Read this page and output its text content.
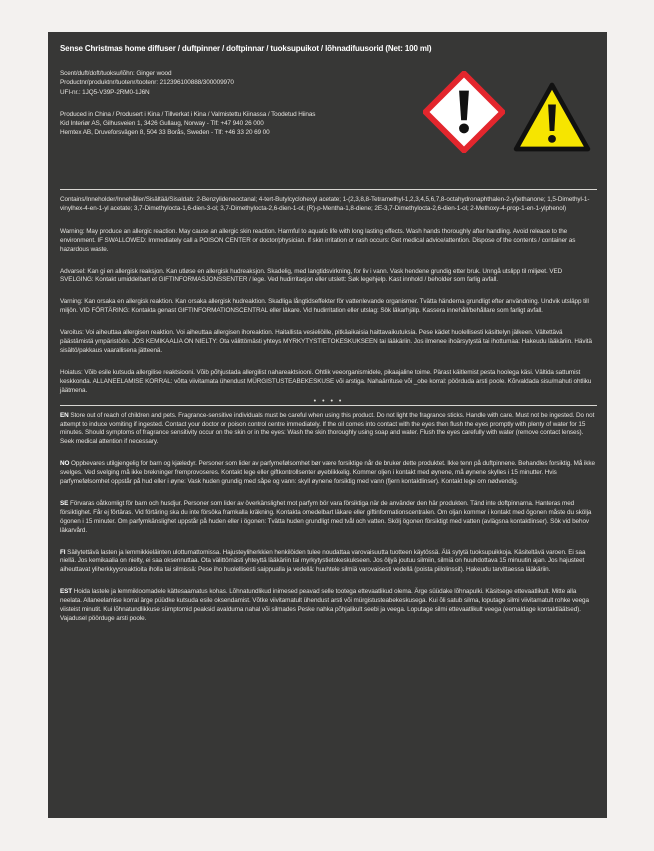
Sense Christmas home diffuser / duftpinner / doftpinnar / tuoksupuikot / lõhnadifuusorid (Net: 100 ml)
Scent/duft/doft/tuoksu/lõhn: Ginger wood
Productnr/produktnr/tuotenr/tootenr: 212396100888/300009970
UFI-nr.: 1JQ5-V39P-2RM0-1J6N
Produced in China / Produsert i Kina / Tillverkat i Kina / Valmistettu Kiinassa / Toodetud Hiinas
Kid Interiør AS, Gilhusveien 1, 3426 Gullaug, Norway - Tlf: +47 940 26 000
Hemtex AB, Druveforsvägen 8, 504 33 Borås, Sweden - Tlf: +46 33 20 69 00

Contains/Inneholder/Innehåller/Sisältää/Sisaldab: 2-Benzylideneoctanal; 4-tert-Butylcyclohexyl acetate; 1-(2,3,8,8-Tetramethyl-1,2,3,4,5,6,7,8-octahydronaphthalen-2-yl)ethanone; 1,5-Dimethyl-1-vinylhex-4-en-1-yl acetate; 3,7-Dimethylocta-1,6-dien-3-ol; 3,7-Dimethylocta-2,6-dien-1-ol; (R)-p-Mentha-1,8-diene; 2E-3,7-Dimethylocta-2,6-dien-1-ol; 2-Methoxy-4-prop-1-en-1-ylphenol)

Warning: May produce an allergic reaction. May cause an allergic skin reaction. Harmful to aquatic life with long lasting effects. Wash hands thoroughly after handling. Avoid release to the environment. IF SWALLOWED: Immediately call a POISON CENTER or doctor/physician. If skin irritation or rash occurs: Get medical advice/attention. Dispose of the contents / container as hazardous waste.

Advarsel: Kan gi en allergisk reaksjon. Kan utløse en allergisk hudreaksjon. Skadelig, med langtidsvirkning, for liv i vann. Vask hendene grundig etter bruk. Unngå utslipp til miljøet. VED SVELGING: Kontakt umiddelbart et GIFTINFORMASJONSSENTER / lege. Ved hudirritasjon eller utslett: Søk legehjelp. Kast innhold / beholder som farlig avfall.

Varning: Kan orsaka en allergisk reaktion. Kan orsaka allergisk hudreaktion. Skadliga långtidseffekter för vattenlevande organismer. Tvätta händerna grundligt efter användning. Undvik utsläpp till miljön. VID FÖRTÄRING: Kontakta genast GIFTINFORMATIONSCENTRAL eller läkare. Vid hudirritation eller utslag: Sök läkarhjälp. Kassera innehåll/behållare som farligt avfall.

Varoitus: Voi aiheuttaa allergisen reaktion. Voi aiheuttaa allergisen ihoreaktion. Haitallista vesieliöille, pitkäaikaisia haittavaikutuksia. Pese kädet huolellisesti käsittelyn jälkeen. Vältettävä päästämistä ympäristöön. JOS KEMIKAALIA ON NIELTY: Ota välittömästi yhteys MYRKYTYSTIETOKESKUKSEEN tai lääkäriin. Jos ilmenee ihoärsytystä tai ihottumaa: Hakeudu lääkäriin. Hävitä sisältö/pakkaus vaarallisena jätteenä.

Hoiatus: Võib esile kutsuda allergilise reaktsiooni. Võib põhjustada allergilist nahareaktsiooni. Ohtlik veeorganismidele, pikaajaline toime. Pärast käitlemist pesta hoolega käsi. Vältida sattumist keskkonda. ALLANEELAMISE KORRAL: võtta viivitamata ühendust MÜRGISTUSTEABEKESKUSE või arstiga. Nahaärrituse või _obe korral: pöörduda arsti poole. Kõrvaldada sisu/mahuti ohtliku jäätmena.

• • • •

EN Store out of reach of children and pets. Fragrance-sensitive individuals must be careful when using this product. Do not light the fragrance sticks. Handle with care. Must not be ingested. Do not attempt to induce vomiting if ingested. Contact your doctor or poison control centre immediately. If the oil comes into contact with the eyes then flush the eyes promptly with plenty of water for 15 minutes. Should symptoms of fragrance sensitivity occur on the skin or in the eyes: Wash the skin thoroughly using soap and water. Flush the eyes carefully with water (remove contact lenses). Seek medical attention if necessary.

NO Oppbevares utilgjengelig for barn og kjæledyr. Personer som lider av parfymefølsomhet bør være forsiktige når de bruker dette produktet. Ikke tenn på duftpinnene. Behandles forsiktig. Må ikke svelges. Ved svelging må ikke brekninger fremprovoseres. Kontakt lege eller giftkontrollsenter øyeblikkelig. Kommer oljen i kontakt med øynene, må øynene skylles i 15 minutter. Hvis parfymefølsomhet oppstår på hud eller i øyne: Vask huden grundig med såpe og vann: skyll øynene forsiktig med vann (fjern kontaktlinser). Kontakt lege om nødvendig.

SE Förvaras oåtkomligt för barn och husdjur. Personer som lider av överkänslighet mot parfym bör vara försiktiga när de använder den här produkten. Tänd inte doftpinnarna. Hanteras med försiktighet. Får ej förtäras. Vid förtäring ska du inte försöka framkalla kräkning. Kontakta omedelbart läkare eller giftinformationscentralen. Om oljan kommer i kontakt med ögonen måste du skölja ögonen i 15 minuter. Om parfymkänslighet uppstår på huden eller i ögonen: Tvätta huden grundligt med tvål och vatten. Skölj ögonen försiktigt med vatten (avlägsna kontaktlinser). Sök vid behov läkarvård.

FI Säilytettävä lasten ja lemmikkieläinten ulottumattomissa. Hajusteyliherkkien henkilöiden tulee noudattaa varovaisuutta tuotteen käytössä. Älä sytytä tuoksupuikkoja. Käsiteltävä varoen. Ei saa niellä. Jos kemikaalia on nielty, ei saa oksennuttaa. Ota välittömästi yhteyttä lääkäriin tai myrkytystietokeskukseen. Jos öljyä joutuu silmiin, silmiä on huuhdottava 15 minuutin ajan. Jos hajusteet aiheuttavat yliherkkyysreaktioita iholla tai silmissä: Pese iho huolellisesti saippualla ja vedellä: huuhtele silmiä varovaisesti vedellä (poista piilolinssit). Hakeudu tarvittaessa lääkäriin.

EST Hoida lastele ja lemmikloomadele kättesaamatus kohas. Lõhnatundlikud inimesed peavad selle tootega ettevaatlikud olema. Ärge süüdake lõhnapulki. Käsitsege ettevaatlikult. Mitte alla neelata. Allaneelamise korral ärge püüdke kutsuda esile oksendamist. Võtke viivitamatult ühendust arsti või mürgistusteabekeskusega. Kui õli satub silma, loputage silmi viivitamatult rohke veega viisteist minutit. Kui lõhnatundlikkuse sümptomid peaksid avalduma nahal või silmades Peske nahka põhjalikult seebi ja veega. Loputage silmi ettevaatlikult veega (eemaldage kontaktläätsed). Vajadusel pöörduge arsti poole.
